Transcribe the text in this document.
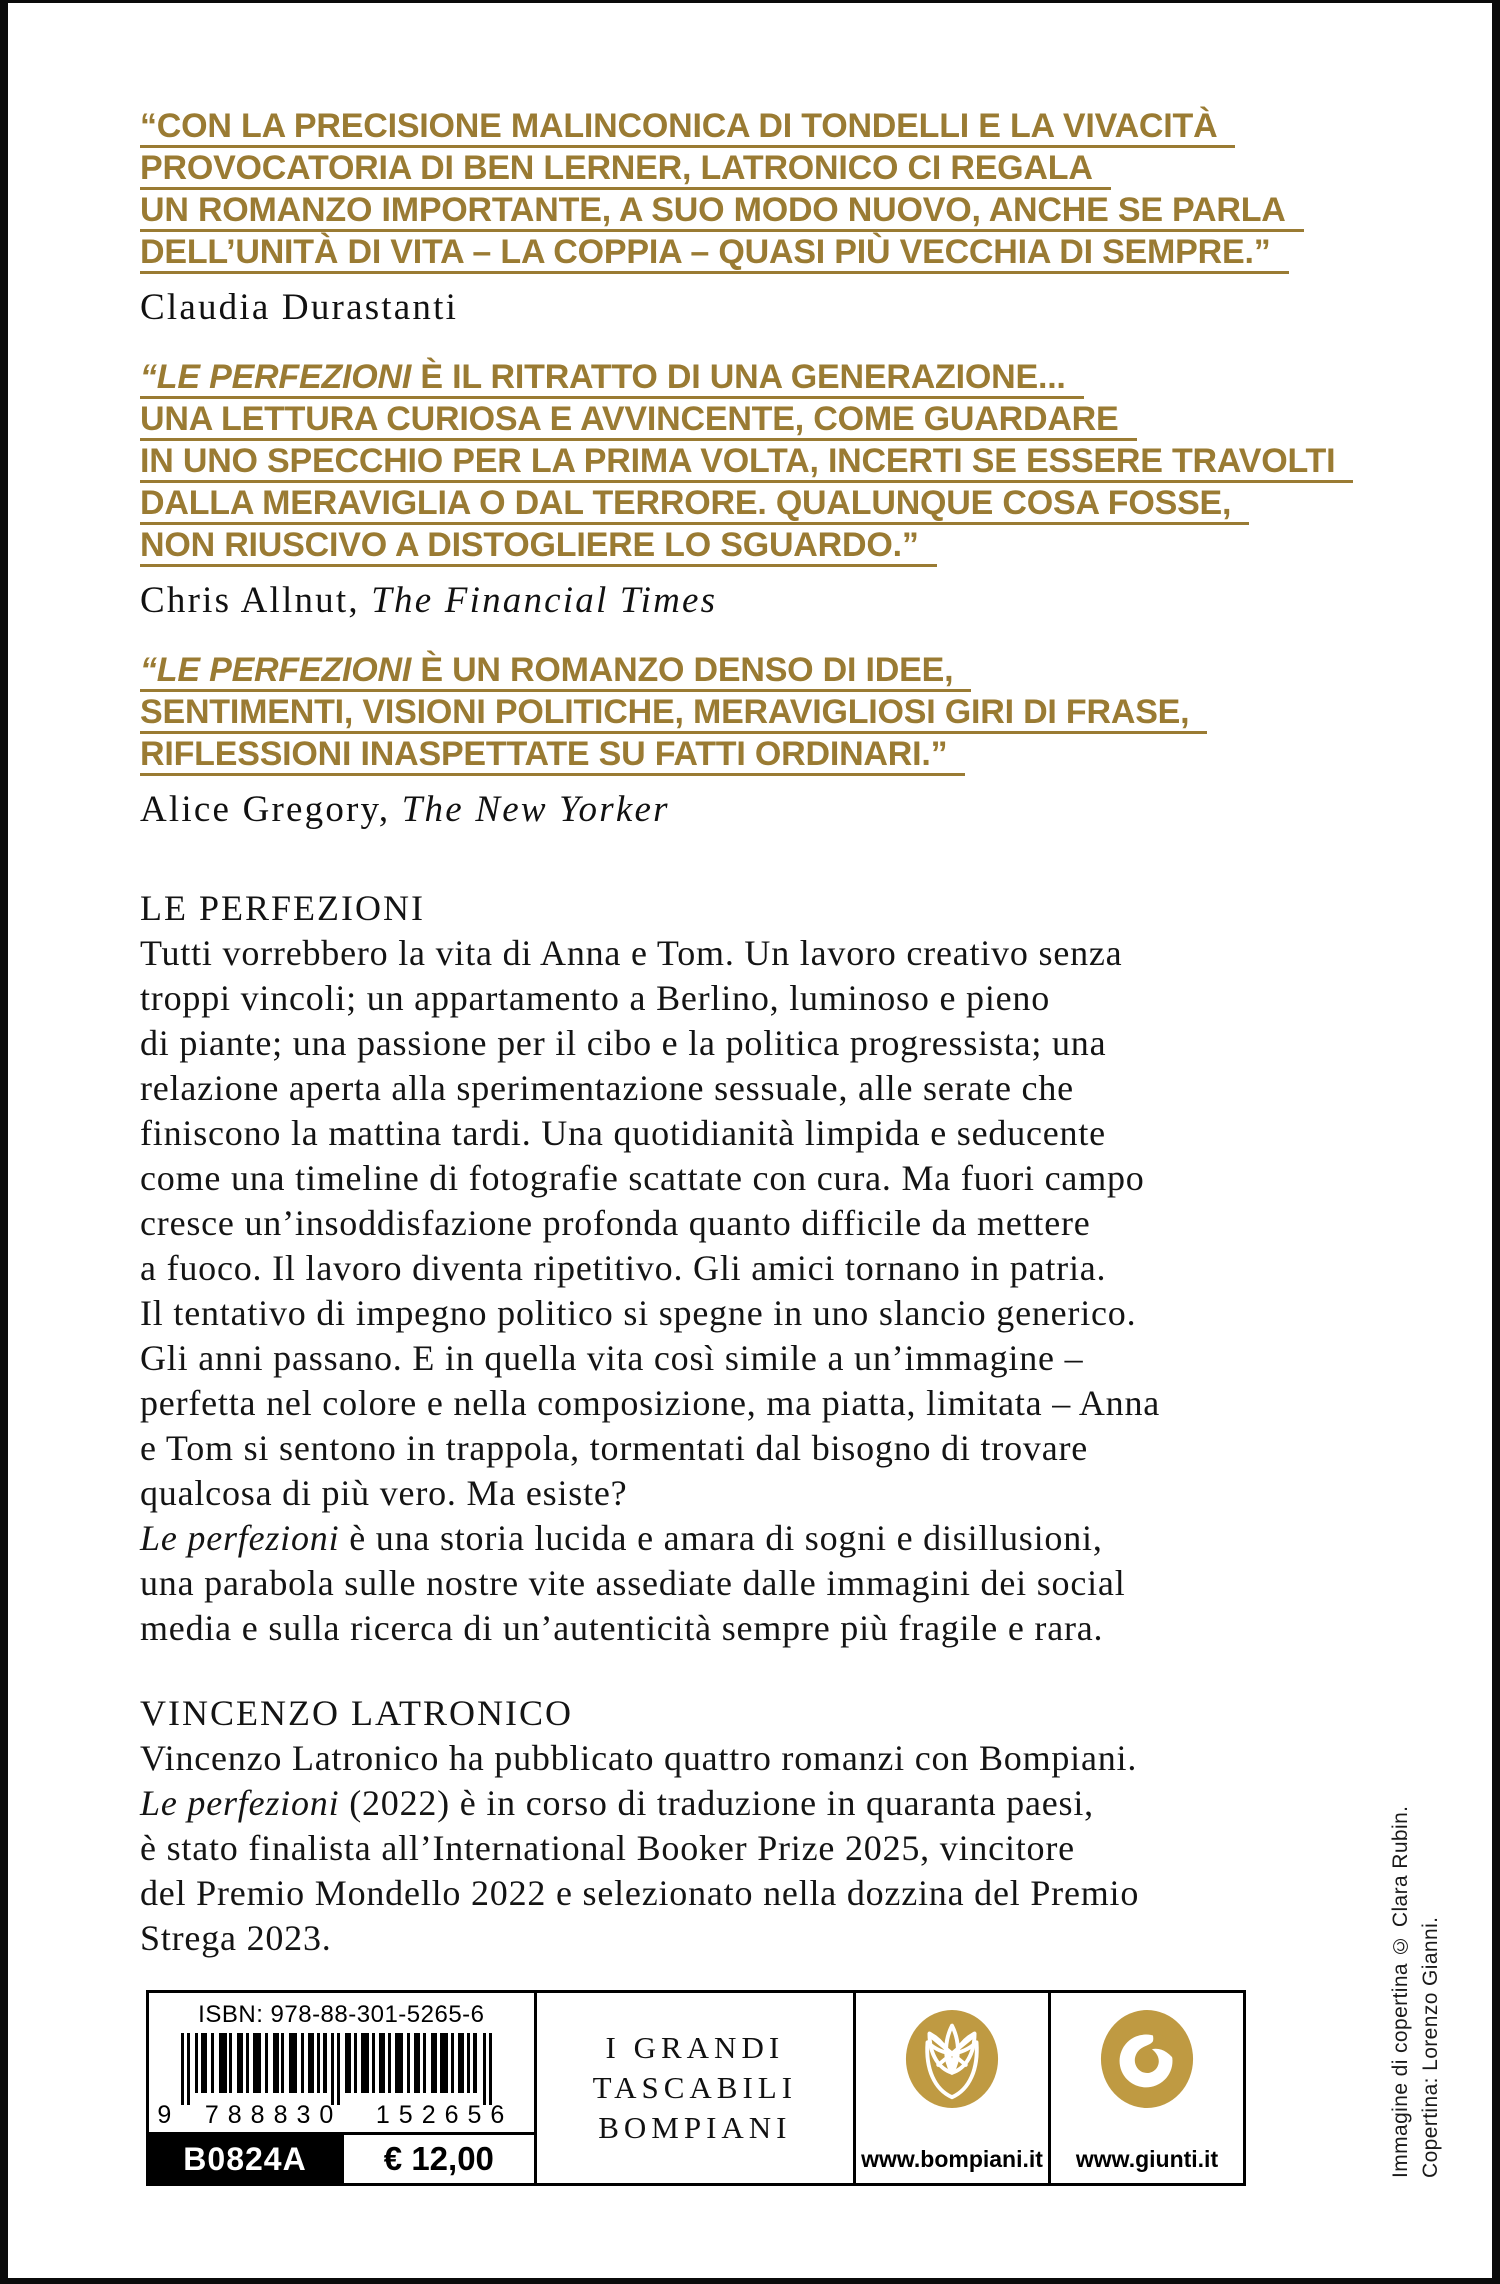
“CON LA PRECISIONE MALINCONICA DI TONDELLI E LA VIVACITÀ
PROVOCATORIA DI BEN LERNER, LATRONICO CI REGALA
UN ROMANZO IMPORTANTE, A SUO MODO NUOVO, ANCHE SE PARLA
DELL’UNITÀ DI VITA – LA COPPIA – QUASI PIÙ VECCHIA DI SEMPRE.”
Claudia Durastanti
“LE PERFEZIONI È IL RITRATTO DI UNA GENERAZIONE...
UNA LETTURA CURIOSA E AVVINCENTE, COME GUARDARE
IN UNO SPECCHIO PER LA PRIMA VOLTA, INCERTI SE ESSERE TRAVOLTI
DALLA MERAVIGLIA O DAL TERRORE. QUALUNQUE COSA FOSSE,
NON RIUSCIVO A DISTOGLIERE LO SGUARDO.”
Chris Allnut, The Financial Times
“LE PERFEZIONI È UN ROMANZO DENSO DI IDEE,
SENTIMENTI, VISIONI POLITICHE, MERAVIGLIOSI GIRI DI FRASE,
RIFLESSIONI INASPETTATE SU FATTI ORDINARI.”
Alice Gregory, The New Yorker
LE PERFEZIONI
Tutti vorrebbero la vita di Anna e Tom. Un lavoro creativo senza
troppi vincoli; un appartamento a Berlino, luminoso e pieno
di piante; una passione per il cibo e la politica progressista; una
relazione aperta alla sperimentazione sessuale, alle serate che
finiscono la mattina tardi. Una quotidianità limpida e seducente
come una timeline di fotografie scattate con cura. Ma fuori campo
cresce un’insoddisfazione profonda quanto difficile da mettere
a fuoco. Il lavoro diventa ripetitivo. Gli amici tornano in patria.
Il tentativo di impegno politico si spegne in uno slancio generico.
Gli anni passano. E in quella vita così simile a un’immagine –
perfetta nel colore e nella composizione, ma piatta, limitata – Anna
e Tom si sentono in trappola, tormentati dal bisogno di trovare
qualcosa di più vero. Ma esiste?
Le perfezioni è una storia lucida e amara di sogni e disillusioni,
una parabola sulle nostre vite assediate dalle immagini dei social
media e sulla ricerca di un’autenticità sempre più fragile e rara.
VINCENZO LATRONICO
Vincenzo Latronico ha pubblicato quattro romanzi con Bompiani.
Le perfezioni (2022) è in corso di traduzione in quaranta paesi,
è stato finalista all’International Booker Prize 2025, vincitore
del Premio Mondello 2022 e selezionato nella dozzina del Premio
Strega 2023.
ISBN: 978-88-301-5265-6
9 788830 152656
B0824A	€ 12,00
I GRANDI
TASCABILI
BOMPIANI
www.bompiani.it www.giunti.it	Immagine di copertina © Clara Rubin. Copertina: Lorenzo Gianni.
